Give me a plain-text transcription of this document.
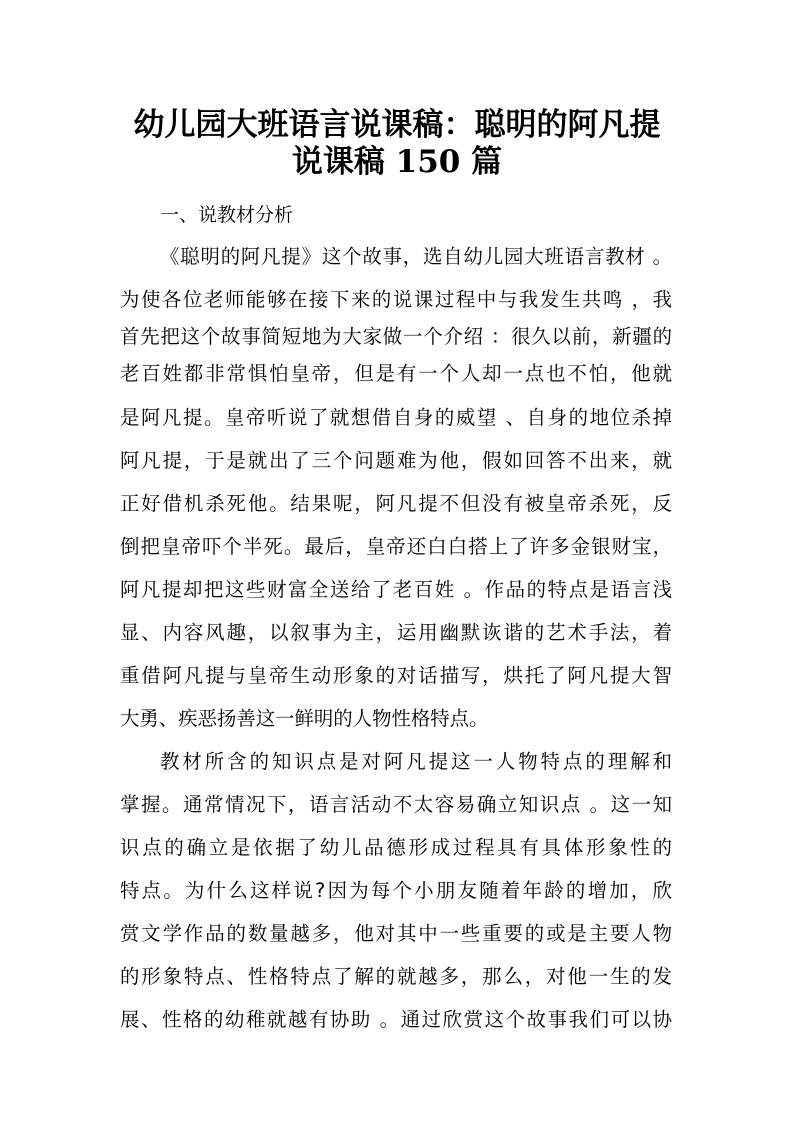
幼儿园大班语言说课稿：聪明的阿凡提
说课稿 150 篇

一、说教材分析

《聪明的阿凡提》这个故事，选自幼儿园大班语言教材 。

为使各位老师能够在接下来的说课过程中与我发生共鸣 ，我

首先把这个故事简短地为大家做一个介绍 ：很久以前，新疆的

老百姓都非常惧怕皇帝，但是有一个人却一点也不怕，他就

是阿凡提。皇帝听说了就想借自身的威望 、自身的地位杀掉

阿凡提，于是就出了三个问题难为他，假如回答不出来，就

正好借机杀死他。结果呢，阿凡提不但没有被皇帝杀死，反

倒把皇帝吓个半死。最后，皇帝还白白搭上了许多金银财宝，

阿凡提却把这些财富全送给了老百姓 。作品的特点是语言浅

显、内容风趣，以叙事为主，运用幽默诙谐的艺术手法，着

重借阿凡提与皇帝生动形象的对话描写，烘托了阿凡提大智

大勇、疾恶扬善这一鲜明的人物性格特点。

教材所含的知识点是对阿凡提这一人物特点的理解和

掌握。通常情况下，语言活动不太容易确立知识点 。这一知

识点的确立是依据了幼儿品德形成过程具有具体形象性的

特点。为什么这样说?因为每个小朋友随着年龄的增加，欣

赏文学作品的数量越多，他对其中一些重要的或是主要人物

的形象特点、性格特点了解的就越多，那么，对他一生的发

展、性格的幼稚就越有协助 。通过欣赏这个故事我们可以协
